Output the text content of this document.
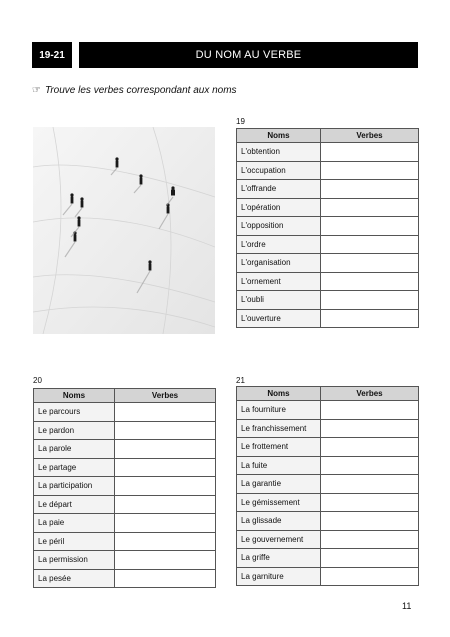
19-21	DU NOM AU VERBE
☞ Trouve les verbes correspondant aux noms
19
Noms	Verbes
L'obtention	
L'occupation	
L'offrande	
L'opération	
L'opposition	
L'ordre	
L'organisation	
L'ornement	
L'oubli	
L'ouverture	
20
Noms	Verbes
Le parcours	
Le pardon	
La parole	
Le partage	
La participation	
Le départ	
La paie	
Le péril	
La permission	
La pesée	
21
Noms	Verbes
La fourniture	
Le franchissement	
Le frottement	
La fuite	
La garantie	
Le gémissement	
La glissade	
Le gouvernement	
La griffe	
La garniture	
11
